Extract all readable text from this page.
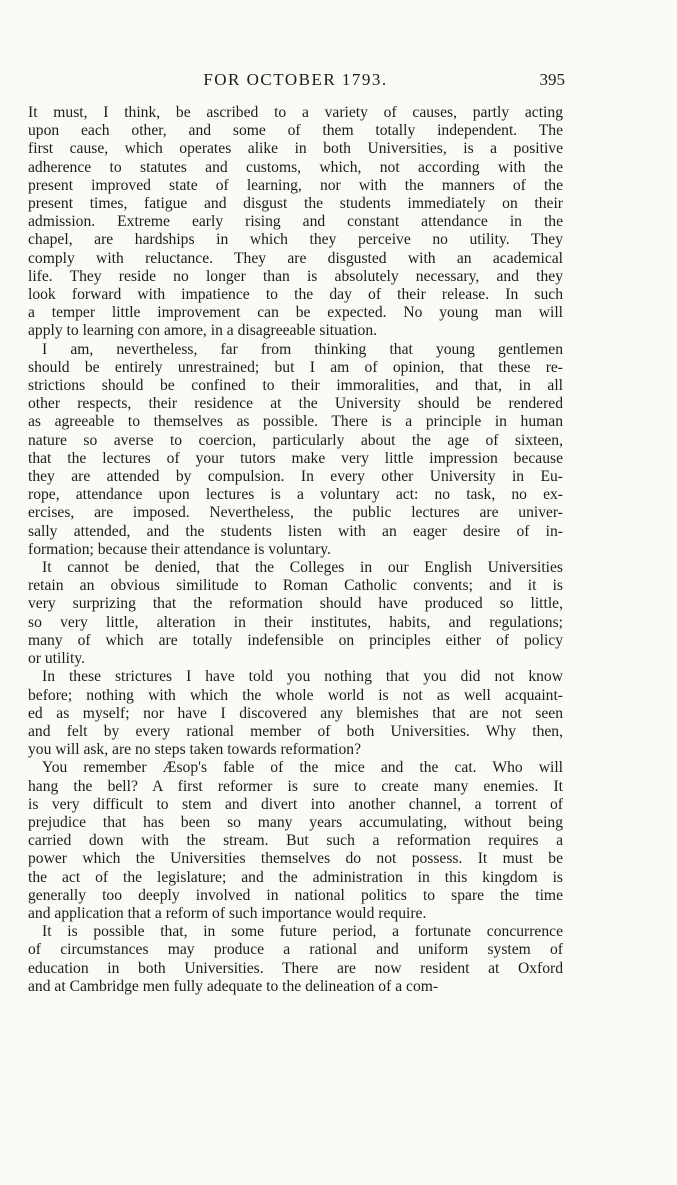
FOR OCTOBER 1793.	395

It must, I think, be ascribed to a variety of causes, partly acting
upon each other, and some of them totally independent. The
first cause, which operates alike in both Universities, is a positive
adherence to statutes and customs, which, not according with the
present improved state of learning, nor with the manners of the
present times, fatigue and disgust the students immediately on their
admission. Extreme early rising and constant attendance in the
chapel, are hardships in which they perceive no utility. They
comply with reluctance. They are disgusted with an academical
life. They reside no longer than is absolutely necessary, and they
look forward with impatience to the day of their release. In such
a temper little improvement can be expected. No young man will
apply to learning con amore, in a disagreeable situation.

I am, nevertheless, far from thinking that young gentlemen
should be entirely unrestrained; but I am of opinion, that these re-
strictions should be confined to their immoralities, and that, in all
other respects, their residence at the University should be rendered
as agreeable to themselves as possible. There is a principle in human
nature so averse to coercion, particularly about the age of sixteen,
that the lectures of your tutors make very little impression because
they are attended by compulsion. In every other University in Eu-
rope, attendance upon lectures is a voluntary act: no task, no ex-
ercises, are imposed. Nevertheless, the public lectures are univer-
sally attended, and the students listen with an eager desire of in-
formation; because their attendance is voluntary.

It cannot be denied, that the Colleges in our English Universities
retain an obvious similitude to Roman Catholic convents; and it is
very surprizing that the reformation should have produced so little,
so very little, alteration in their institutes, habits, and regulations;
many of which are totally indefensible on principles either of policy
or utility.

In these strictures I have told you nothing that you did not know
before; nothing with which the whole world is not as well acquaint-
ed as myself; nor have I discovered any blemishes that are not seen
and felt by every rational member of both Universities. Why then,
you will ask, are no steps taken towards reformation?

You remember Æsop's fable of the mice and the cat. Who will
hang the bell? A first reformer is sure to create many enemies. It
is very difficult to stem and divert into another channel, a torrent of
prejudice that has been so many years accumulating, without being
carried down with the stream. But such a reformation requires a
power which the Universities themselves do not possess. It must be
the act of the legislature; and the administration in this kingdom is
generally too deeply involved in national politics to spare the time
and application that a reform of such importance would require.

It is possible that, in some future period, a fortunate concurrence
of circumstances may produce a rational and uniform system of
education in both Universities. There are now resident at Oxford
and at Cambridge men fully adequate to the delineation of a com-
